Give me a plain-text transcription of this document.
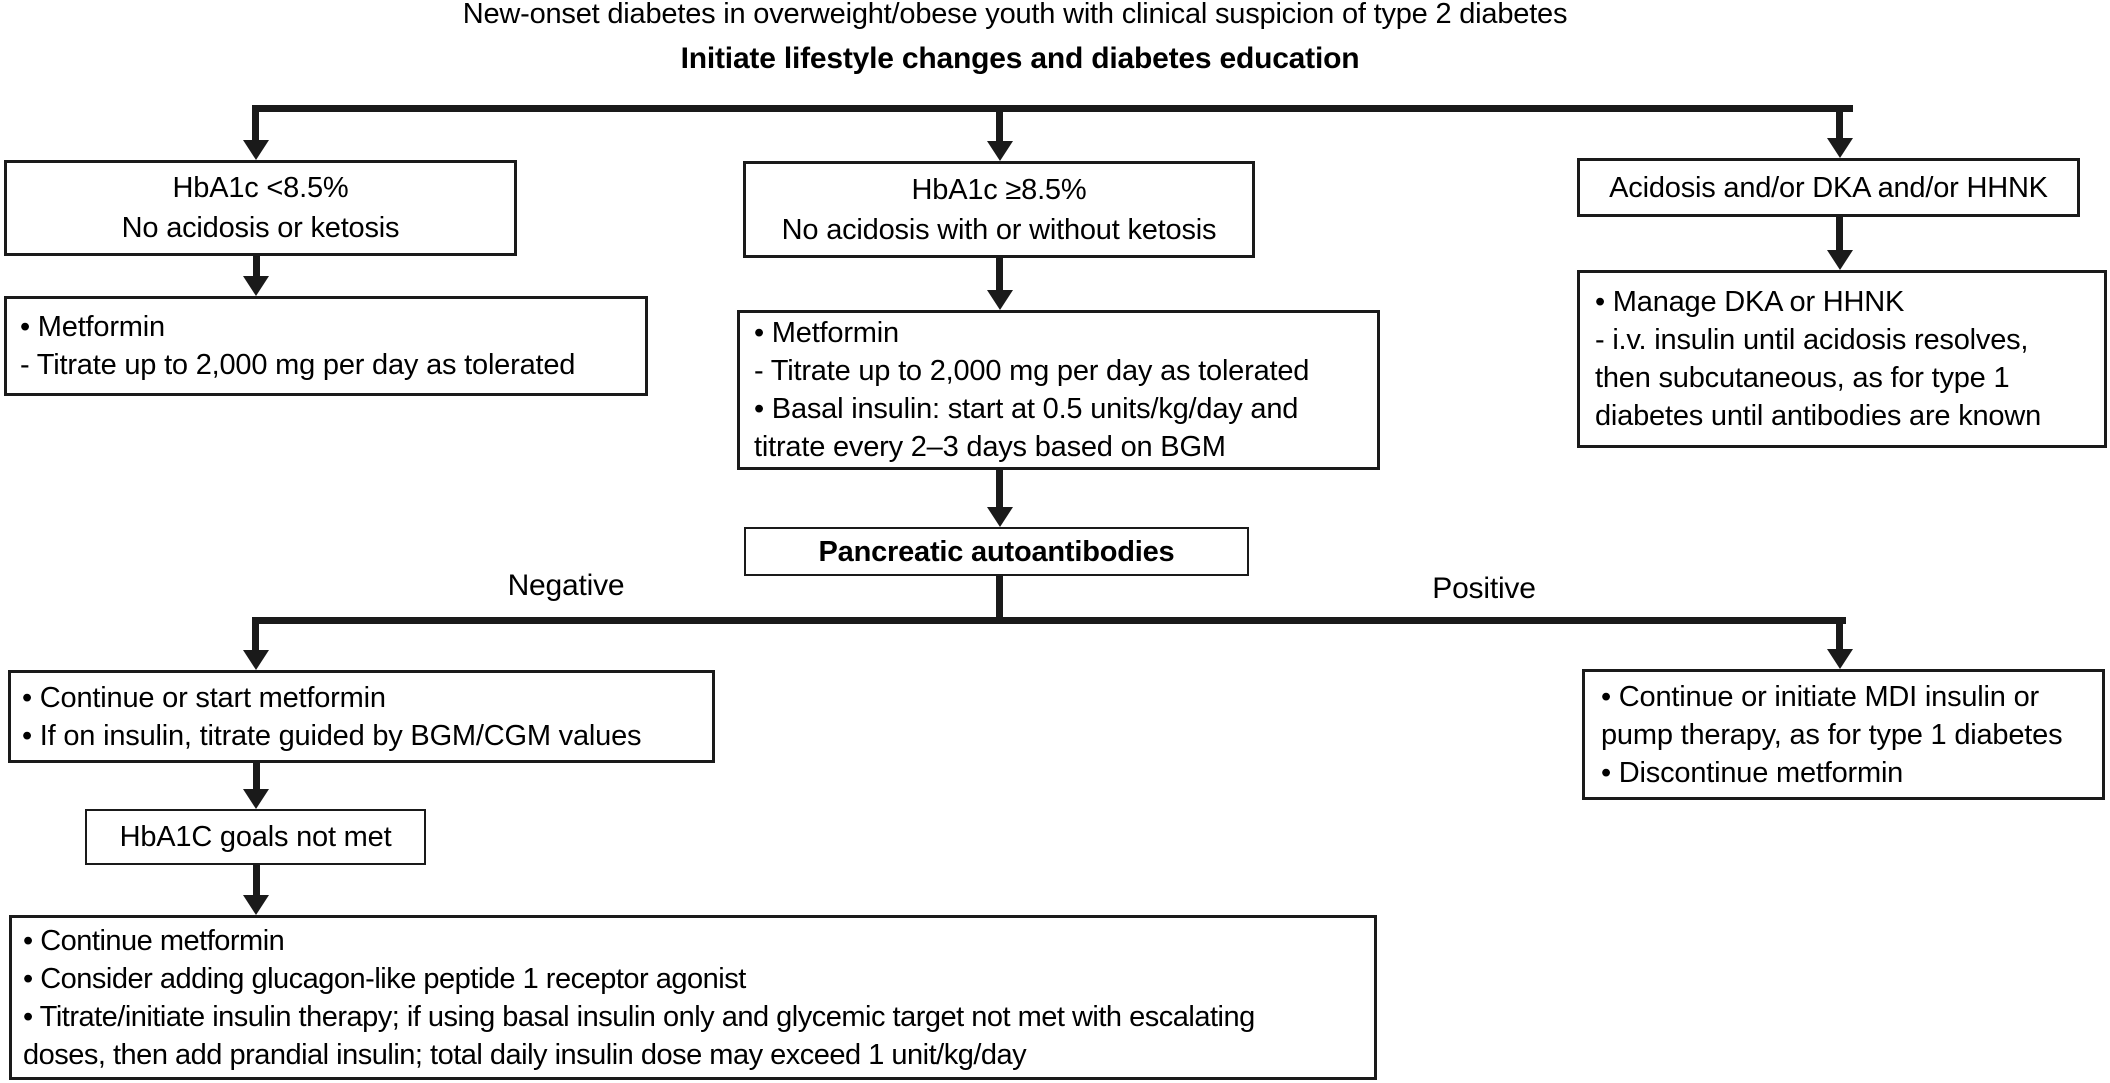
New-onset diabetes in overweight/obese youth with clinical suspicion of type 2 diabetes
Initiate lifestyle changes and diabetes education
HbA1c <8.5%
No acidosis or ketosis
HbA1c ≥8.5%
No acidosis with or without ketosis
Acidosis and/or DKA and/or HHNK
• Metformin
- Titrate up to 2,000 mg per day as tolerated
• Metformin
- Titrate up to 2,000 mg per day as tolerated
• Basal insulin: start at 0.5 units/kg/day and
titrate every 2–3 days based on BGM
• Manage DKA or HHNK
- i.v. insulin until acidosis resolves,
then subcutaneous, as for type 1
diabetes until antibodies are known
Pancreatic autoantibodies
Negative	Positive
• Continue or start metformin
• If on insulin, titrate guided by BGM/CGM values
• Continue or initiate MDI insulin or
pump therapy, as for type 1 diabetes
• Discontinue metformin
HbA1C goals not met
• Continue metformin
• Consider adding glucagon-like peptide 1 receptor agonist
• Titrate/initiate insulin therapy; if using basal insulin only and glycemic target not met with escalating
doses, then add prandial insulin; total daily insulin dose may exceed 1 unit/kg/day
